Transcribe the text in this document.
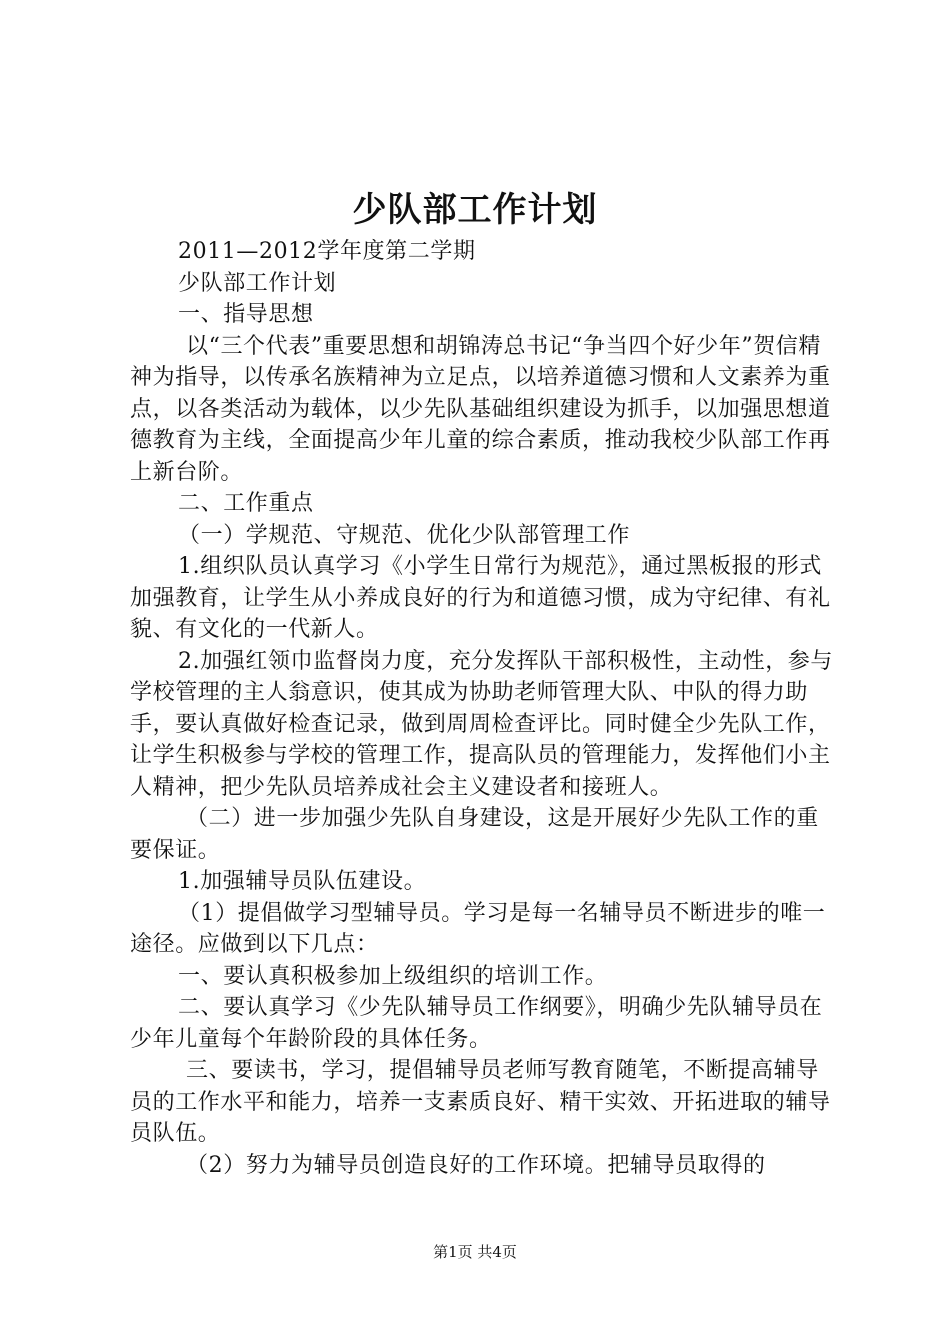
少队部工作计划

2011—2012学年度第二学期

少队部工作计划

一、指导思想

以“三个代表”重要思想和胡锦涛总书记“争当四个好少年”贺信精神为指导，以传承名族精神为立足点，以培养道德习惯和人文素养为重点，以各类活动为载体，以少先队基础组织建设为抓手，以加强思想道德教育为主线，全面提高少年儿童的综合素质，推动我校少队部工作再上新台阶。

二、工作重点

（一）学规范、守规范、优化少队部管理工作

1.组织队员认真学习《小学生日常行为规范》，通过黑板报的形式加强教育，让学生从小养成良好的行为和道德习惯，成为守纪律、有礼貌、有文化的一代新人。

2.加强红领巾监督岗力度，充分发挥队干部积极性，主动性，参与学校管理的主人翁意识，使其成为协助老师管理大队、中队的得力助手，要认真做好检查记录，做到周周检查评比。同时健全少先队工作，让学生积极参与学校的管理工作，提高队员的管理能力，发挥他们小主人精神，把少先队员培养成社会主义建设者和接班人。

（二）进一步加强少先队自身建设，这是开展好少先队工作的重要保证。

1.加强辅导员队伍建设。

（1）提倡做学习型辅导员。学习是每一名辅导员不断进步的唯一途径。应做到以下几点：

一、要认真积极参加上级组织的培训工作。

二、要认真学习《少先队辅导员工作纲要》，明确少先队辅导员在少年儿童每个年龄阶段的具体任务。

三、要读书，学习，提倡辅导员老师写教育随笔，不断提高辅导员的工作水平和能力，培养一支素质良好、精干实效、开拓进取的辅导员队伍。

（2）努力为辅导员创造良好的工作环境。把辅导员取得的

第1页 共4页
